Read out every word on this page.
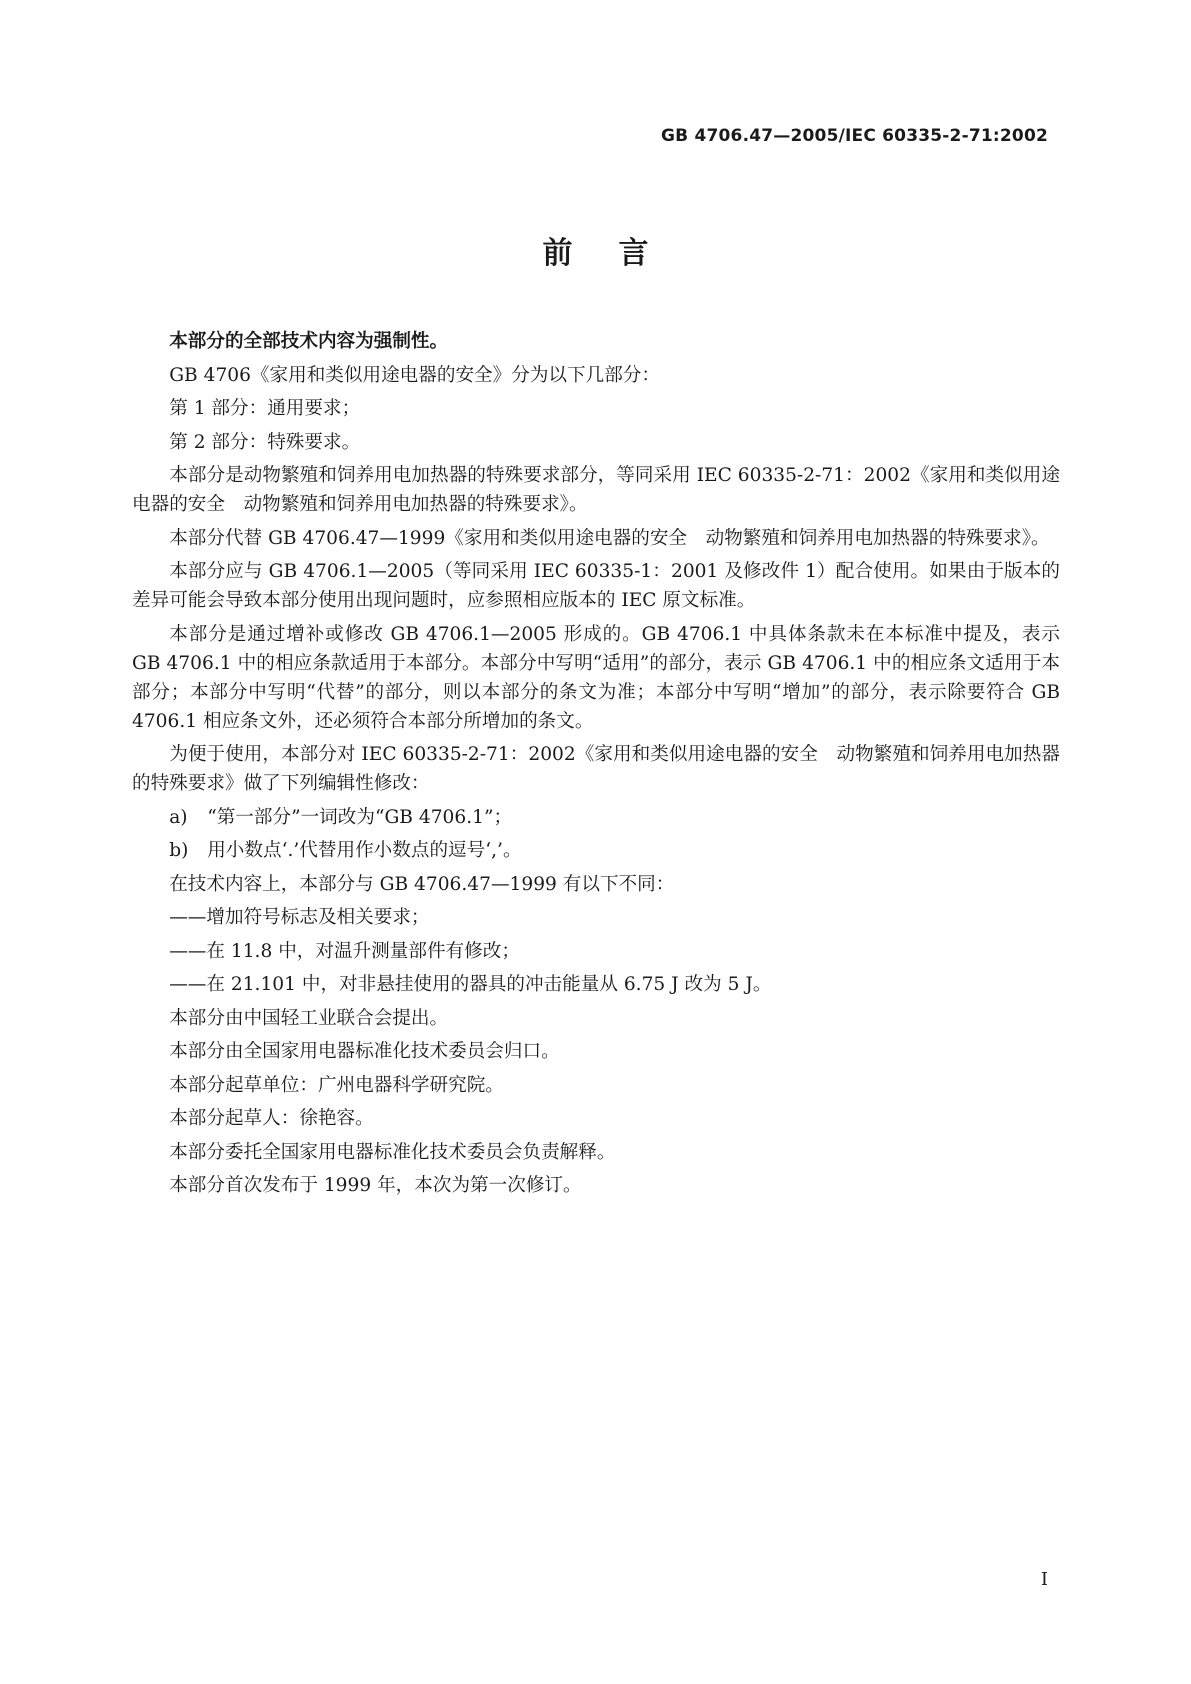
GB 4706.47—2005/IEC 60335-2-71:2002
前言

本部分的全部技术内容为强制性。

GB 4706《家用和类似用途电器的安全》分为以下几部分：

第 1 部分：通用要求；

第 2 部分：特殊要求。

本部分是动物繁殖和饲养用电加热器的特殊要求部分，等同采用 IEC 60335-2-71：2002《家用和类似用途电器的安全　动物繁殖和饲养用电加热器的特殊要求》。

本部分代替 GB 4706.47—1999《家用和类似用途电器的安全　动物繁殖和饲养用电加热器的特殊要求》。

本部分应与 GB 4706.1—2005（等同采用 IEC 60335-1：2001 及修改件 1）配合使用。如果由于版本的差异可能会导致本部分使用出现问题时，应参照相应版本的 IEC 原文标准。

本部分是通过增补或修改 GB 4706.1—2005 形成的。GB 4706.1 中具体条款未在本标准中提及，表示 GB 4706.1 中的相应条款适用于本部分。本部分中写明“适用”的部分，表示 GB 4706.1 中的相应条文适用于本部分；本部分中写明“代替”的部分，则以本部分的条文为准；本部分中写明“增加”的部分，表示除要符合 GB 4706.1 相应条文外，还必须符合本部分所增加的条文。

为便于使用，本部分对 IEC 60335-2-71：2002《家用和类似用途电器的安全　动物繁殖和饲养用电加热器的特殊要求》做了下列编辑性修改：

a) “第一部分”一词改为“GB 4706.1”；

b) 用小数点‘.’代替用作小数点的逗号‘,’。

在技术内容上，本部分与 GB 4706.47—1999 有以下不同：

——增加符号标志及相关要求；

——在 11.8 中，对温升测量部件有修改；

——在 21.101 中，对非悬挂使用的器具的冲击能量从 6.75 J 改为 5 J。

本部分由中国轻工业联合会提出。

本部分由全国家用电器标准化技术委员会归口。

本部分起草单位：广州电器科学研究院。

本部分起草人：徐艳容。

本部分委托全国家用电器标准化技术委员会负责解释。

本部分首次发布于 1999 年，本次为第一次修订。

I
